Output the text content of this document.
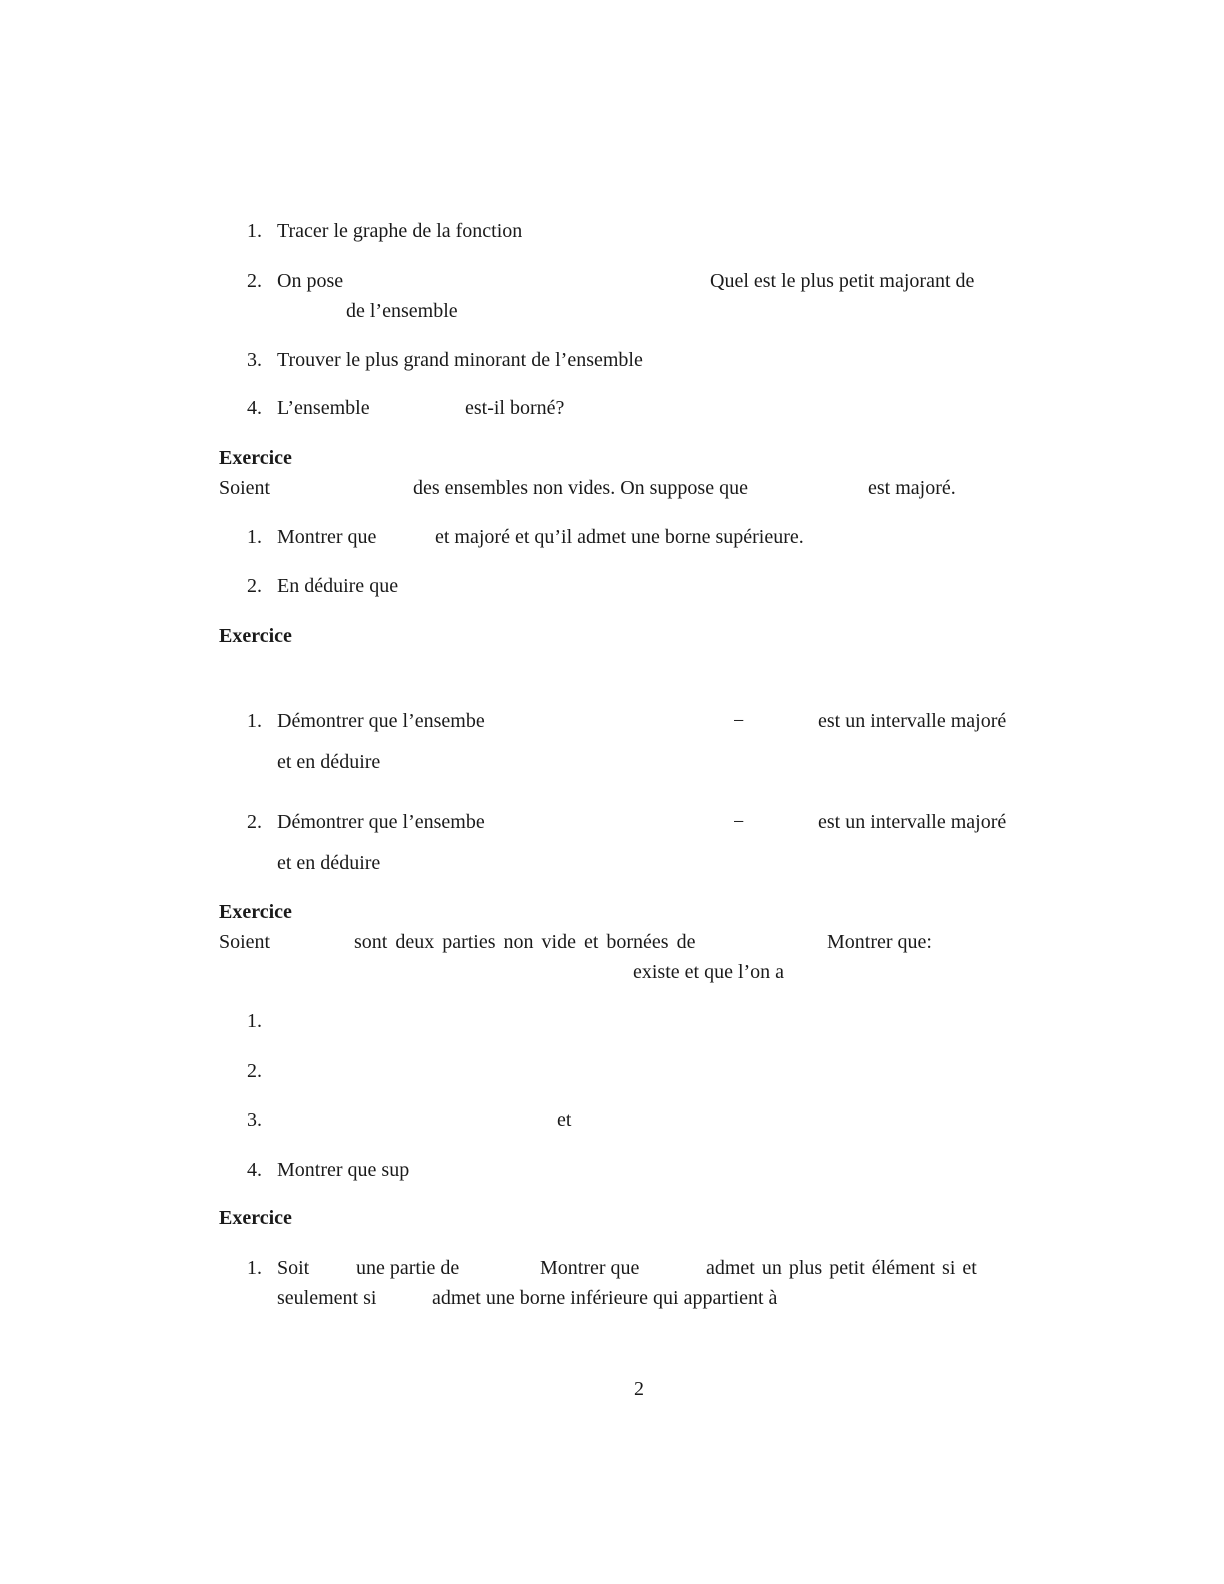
1. Tracer le graphe de la fonction
2. On pose	Quel est le plus petit majorant de
de l’ensemble
3. Trouver le plus grand minorant de l’ensemble
4. L’ensemble	est-il borné?
Exercice
Soient	des ensembles non vides. On suppose que	est majoré.
1. Montrer que	et majoré et qu’il admet une borne supérieure.
2. En déduire que
Exercice
1. Démontrer que l’ensembe	−	est un intervalle majoré
et en déduire
2. Démontrer que l’ensembe	−	est un intervalle majoré
et en déduire
Exercice
Soient	sont deux parties non vide et bornées de	Montrer que:
existe et que l’on a
1.
2.
3.	et
4. Montrer que sup
Exercice
1. Soit une partie de	Montrer que	admet un plus petit élément si et
seulement si	admet une borne inférieure qui appartient à
2
